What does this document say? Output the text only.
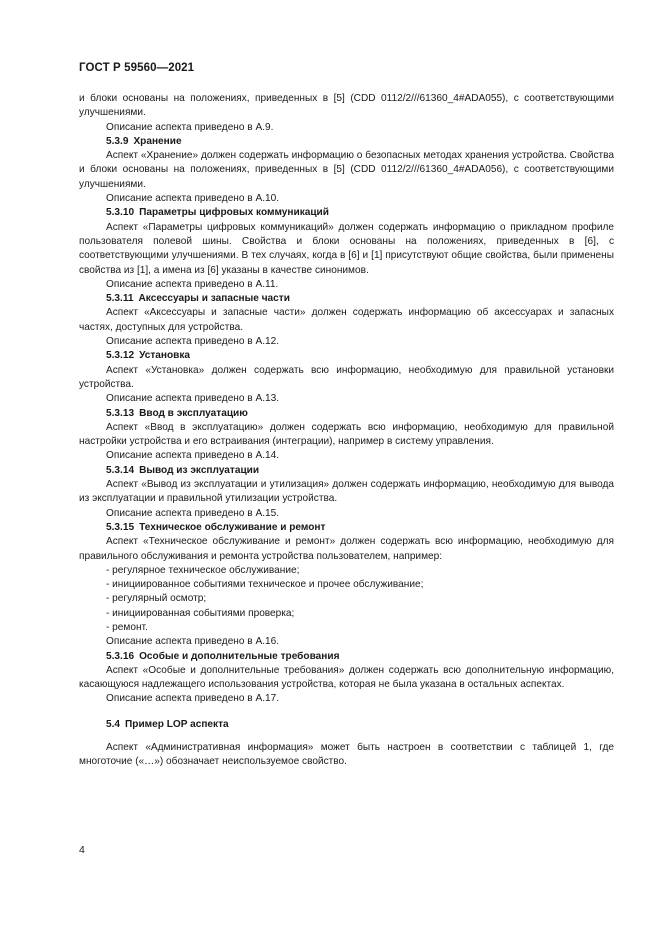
ГОСТ Р 59560—2021

и блоки основаны на положениях, приведенных в [5] (CDD 0112/2///61360_4#ADA055), с соответствующими улучшениями.

Описание аспекта приведено в А.9.

5.3.9 Хранение

Аспект «Хранение» должен содержать информацию о безопасных методах хранения устройства. Свойства и блоки основаны на положениях, приведенных в [5] (CDD 0112/2///61360_4#ADA056), с соответствующими улучшениями.

Описание аспекта приведено в А.10.

5.3.10 Параметры цифровых коммуникаций

Аспект «Параметры цифровых коммуникаций» должен содержать информацию о прикладном профиле пользователя полевой шины. Свойства и блоки основаны на положениях, приведенных в [6], с соответствующими улучшениями. В тех случаях, когда в [6] и [1] присутствуют общие свойства, были применены свойства из [1], а имена из [6] указаны в качестве синонимов.

Описание аспекта приведено в А.11.

5.3.11 Аксессуары и запасные части

Аспект «Аксессуары и запасные части» должен содержать информацию об аксессуарах и запасных частях, доступных для устройства.

Описание аспекта приведено в А.12.

5.3.12 Установка

Аспект «Установка» должен содержать всю информацию, необходимую для правильной установки устройства.

Описание аспекта приведено в А.13.

5.3.13 Ввод в эксплуатацию

Аспект «Ввод в эксплуатацию» должен содержать всю информацию, необходимую для правильной настройки устройства и его встраивания (интеграции), например в систему управления.

Описание аспекта приведено в А.14.

5.3.14 Вывод из эксплуатации

Аспект «Вывод из эксплуатации и утилизация» должен содержать информацию, необходимую для вывода из эксплуатации и правильной утилизации устройства.

Описание аспекта приведено в А.15.

5.3.15 Техническое обслуживание и ремонт

Аспект «Техническое обслуживание и ремонт» должен содержать всю информацию, необходимую для правильного обслуживания и ремонта устройства пользователем, например:

- регулярное техническое обслуживание;

- инициированное событиями техническое и прочее обслуживание;

- регулярный осмотр;

- инициированная событиями проверка;

- ремонт.

Описание аспекта приведено в А.16.

5.3.16 Особые и дополнительные требования

Аспект «Особые и дополнительные требования» должен содержать всю дополнительную информацию, касающуюся надлежащего использования устройства, которая не была указана в остальных аспектах.

Описание аспекта приведено в А.17.

5.4 Пример LOP аспекта

Аспект «Административная информация» может быть настроен в соответствии с таблицей 1, где многоточие («…») обозначает неиспользуемое свойство.

4
